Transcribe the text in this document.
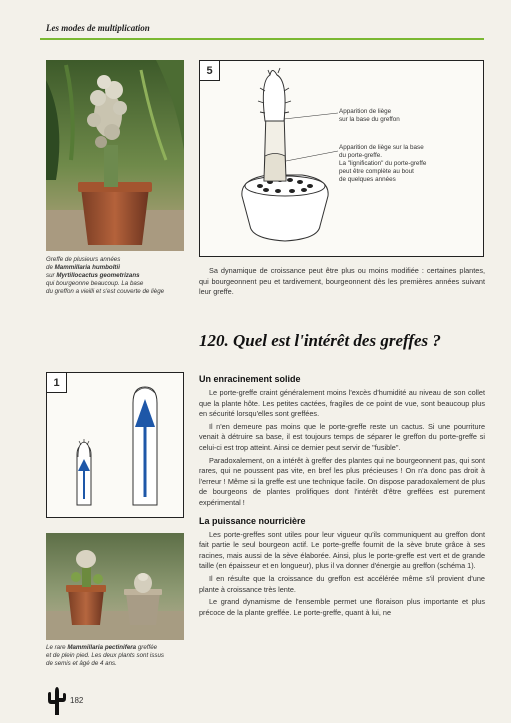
Les modes de multiplication
Greffe de plusieurs années
de Mammillaria humboltii
sur Myrtillocactus geometrizans
qui bourgeonne beaucoup. La base
du greffon a vieilli et s'est couverte de liège
5
Apparition de liège
sur la base du greffon
Apparition de liège sur la base
du porte-greffe.
La "lignification" du porte-greffe
peut être complète au bout
de quelques années
Sa dynamique de croissance peut être plus ou moins modifiée : certaines plantes, qui bourgeonnent peu et tardivement, bourgeonnent dès les premières années suivant leur greffe.
120. Quel est l'intérêt des greffes ?
1
Le rare Mammillaria pectinifera greffée
et de plein pied. Les deux plants sont issus
de semis et âgé de 4 ans.
Un enracinement solide

Le porte-greffe craint généralement moins l'excès d'humidité au niveau de son collet que la plante hôte. Les petites cactées, fragiles de ce point de vue, sont beaucoup plus en sécurité lorsqu'elles sont greffées.

Il n'en demeure pas moins que le porte-greffe reste un cactus. Si une pourriture venait à détruire sa base, il est toujours temps de séparer le greffon du porte-greffe si celui-ci est trop atteint. Ainsi ce dernier peut servir de "fusible".

Paradoxalement, on a intérêt à greffer des plantes qui ne bourgeonnent pas, qui sont rares, qui ne poussent pas vite, en bref les plus précieuses ! On n'a donc pas droit à l'erreur ! Même si la greffe est une technique facile. On dispose paradoxalement de plus de bourgeons de plantes prolifiques dont l'intérêt d'être greffées est purement expérimental !

La puissance nourricière

Les porte-greffes sont utiles pour leur vigueur qu'ils communiquent au greffon dont fait partie le seul bourgeon actif. Le porte-greffe fournit de la sève brute grâce à ses racines, mais aussi de la sève élaborée. Ainsi, plus le porte-greffe est vert et de grande taille (en épaisseur et en longueur), plus il va donner d'énergie au greffon (schéma 1).

Il en résulte que la croissance du greffon est accélérée même s'il provient d'une plante à croissance très lente.

Le grand dynamisme de l'ensemble permet une floraison plus importante et plus précoce de la plante greffée. Le porte-greffe, quant à lui, ne

182
